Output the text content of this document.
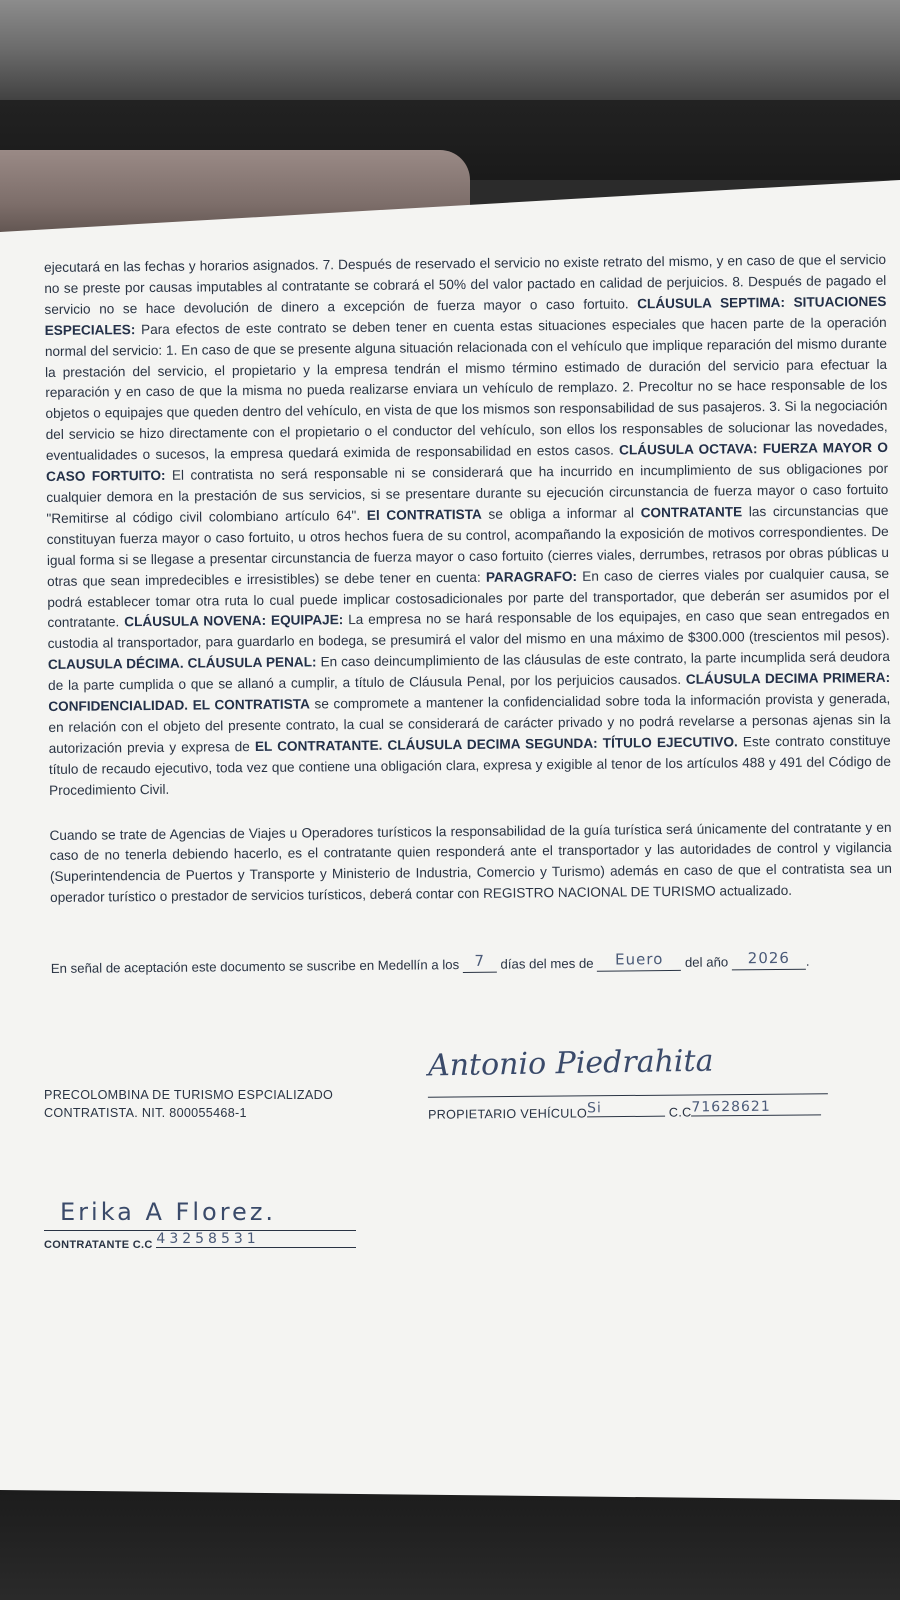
ejecutará en las fechas y horarios asignados. 7. Después de reservado el servicio no existe retrato del mismo, y en caso de que el servicio no se preste por causas imputables al contratante se cobrará el 50% del valor pactado en calidad de perjuicios. 8. Después de pagado el servicio no se hace devolución de dinero a excepción de fuerza mayor o caso fortuito. CLÁUSULA SEPTIMA: SITUACIONES ESPECIALES: Para efectos de este contrato se deben tener en cuenta estas situaciones especiales que hacen parte de la operación normal del servicio: 1. En caso de que se presente alguna situación relacionada con el vehículo que implique reparación del mismo durante la prestación del servicio, el propietario y la empresa tendrán el mismo término estimado de duración del servicio para efectuar la reparación y en caso de que la misma no pueda realizarse enviara un vehículo de remplazo. 2. Precoltur no se hace responsable de los objetos o equipajes que queden dentro del vehículo, en vista de que los mismos son responsabilidad de sus pasajeros. 3. Si la negociación del servicio se hizo directamente con el propietario o el conductor del vehículo, son ellos los responsables de solucionar las novedades, eventualidades o sucesos, la empresa quedará eximida de responsabilidad en estos casos. CLÁUSULA OCTAVA: FUERZA MAYOR O CASO FORTUITO: El contratista no será responsable ni se considerará que ha incurrido en incumplimiento de sus obligaciones por cualquier demora en la prestación de sus servicios, si se presentare durante su ejecución circunstancia de fuerza mayor o caso fortuito "Remitirse al código civil colombiano artículo 64". El CONTRATISTA se obliga a informar al CONTRATANTE las circunstancias que constituyan fuerza mayor o caso fortuito, u otros hechos fuera de su control, acompañando la exposición de motivos correspondientes. De igual forma si se llegase a presentar circunstancia de fuerza mayor o caso fortuito (cierres viales, derrumbes, retrasos por obras públicas u otras que sean impredecibles e irresistibles) se debe tener en cuenta: PARAGRAFO: En caso de cierres viales por cualquier causa, se podrá establecer tomar otra ruta lo cual puede implicar costosadicionales por parte del transportador, que deberán ser asumidos por el contratante. CLÁUSULA NOVENA: EQUIPAJE: La empresa no se hará responsable de los equipajes, en caso que sean entregados en custodia al transportador, para guardarlo en bodega, se presumirá el valor del mismo en una máximo de $300.000 (trescientos mil pesos). CLAUSULA DÉCIMA. CLÁUSULA PENAL: En caso deincumplimiento de las cláusulas de este contrato, la parte incumplida será deudora de la parte cumplida o que se allanó a cumplir, a título de Cláusula Penal, por los perjuicios causados. CLÁUSULA DECIMA PRIMERA: CONFIDENCIALIDAD. EL CONTRATISTA se compromete a mantener la confidencialidad sobre toda la información provista y generada, en relación con el objeto del presente contrato, la cual se considerará de carácter privado y no podrá revelarse a personas ajenas sin la autorización previa y expresa de EL CONTRATANTE. CLÁUSULA DECIMA SEGUNDA: TÍTULO EJECUTIVO. Este contrato constituye título de recaudo ejecutivo, toda vez que contiene una obligación clara, expresa y exigible al tenor de los artículos 488 y 491 del Código de Procedimiento Civil.

Cuando se trate de Agencias de Viajes u Operadores turísticos la responsabilidad de la guía turística será únicamente del contratante y en caso de no tenerla debiendo hacerlo, es el contratante quien responderá ante el transportador y las autoridades de control y vigilancia (Superintendencia de Puertos y Transporte y Ministerio de Industria, Comercio y Turismo) además en caso de que el contratista sea un operador turístico o prestador de servicios turísticos, deberá contar con REGISTRO NACIONAL DE TURISMO actualizado.

En señal de aceptación este documento se suscribe en Medellín a los	7	días del mes de	Euero	del año	2026	.
PRECOLOMBINA DE TURISMO ESPCIALIZADO
CONTRATISTA. NIT. 800055468-1
Antonio Piedrahita
PROPIETARIO VEHÍCULO Si	C.C 71628621
Erika A Florez.
CONTRATANTE C.C 43258531
